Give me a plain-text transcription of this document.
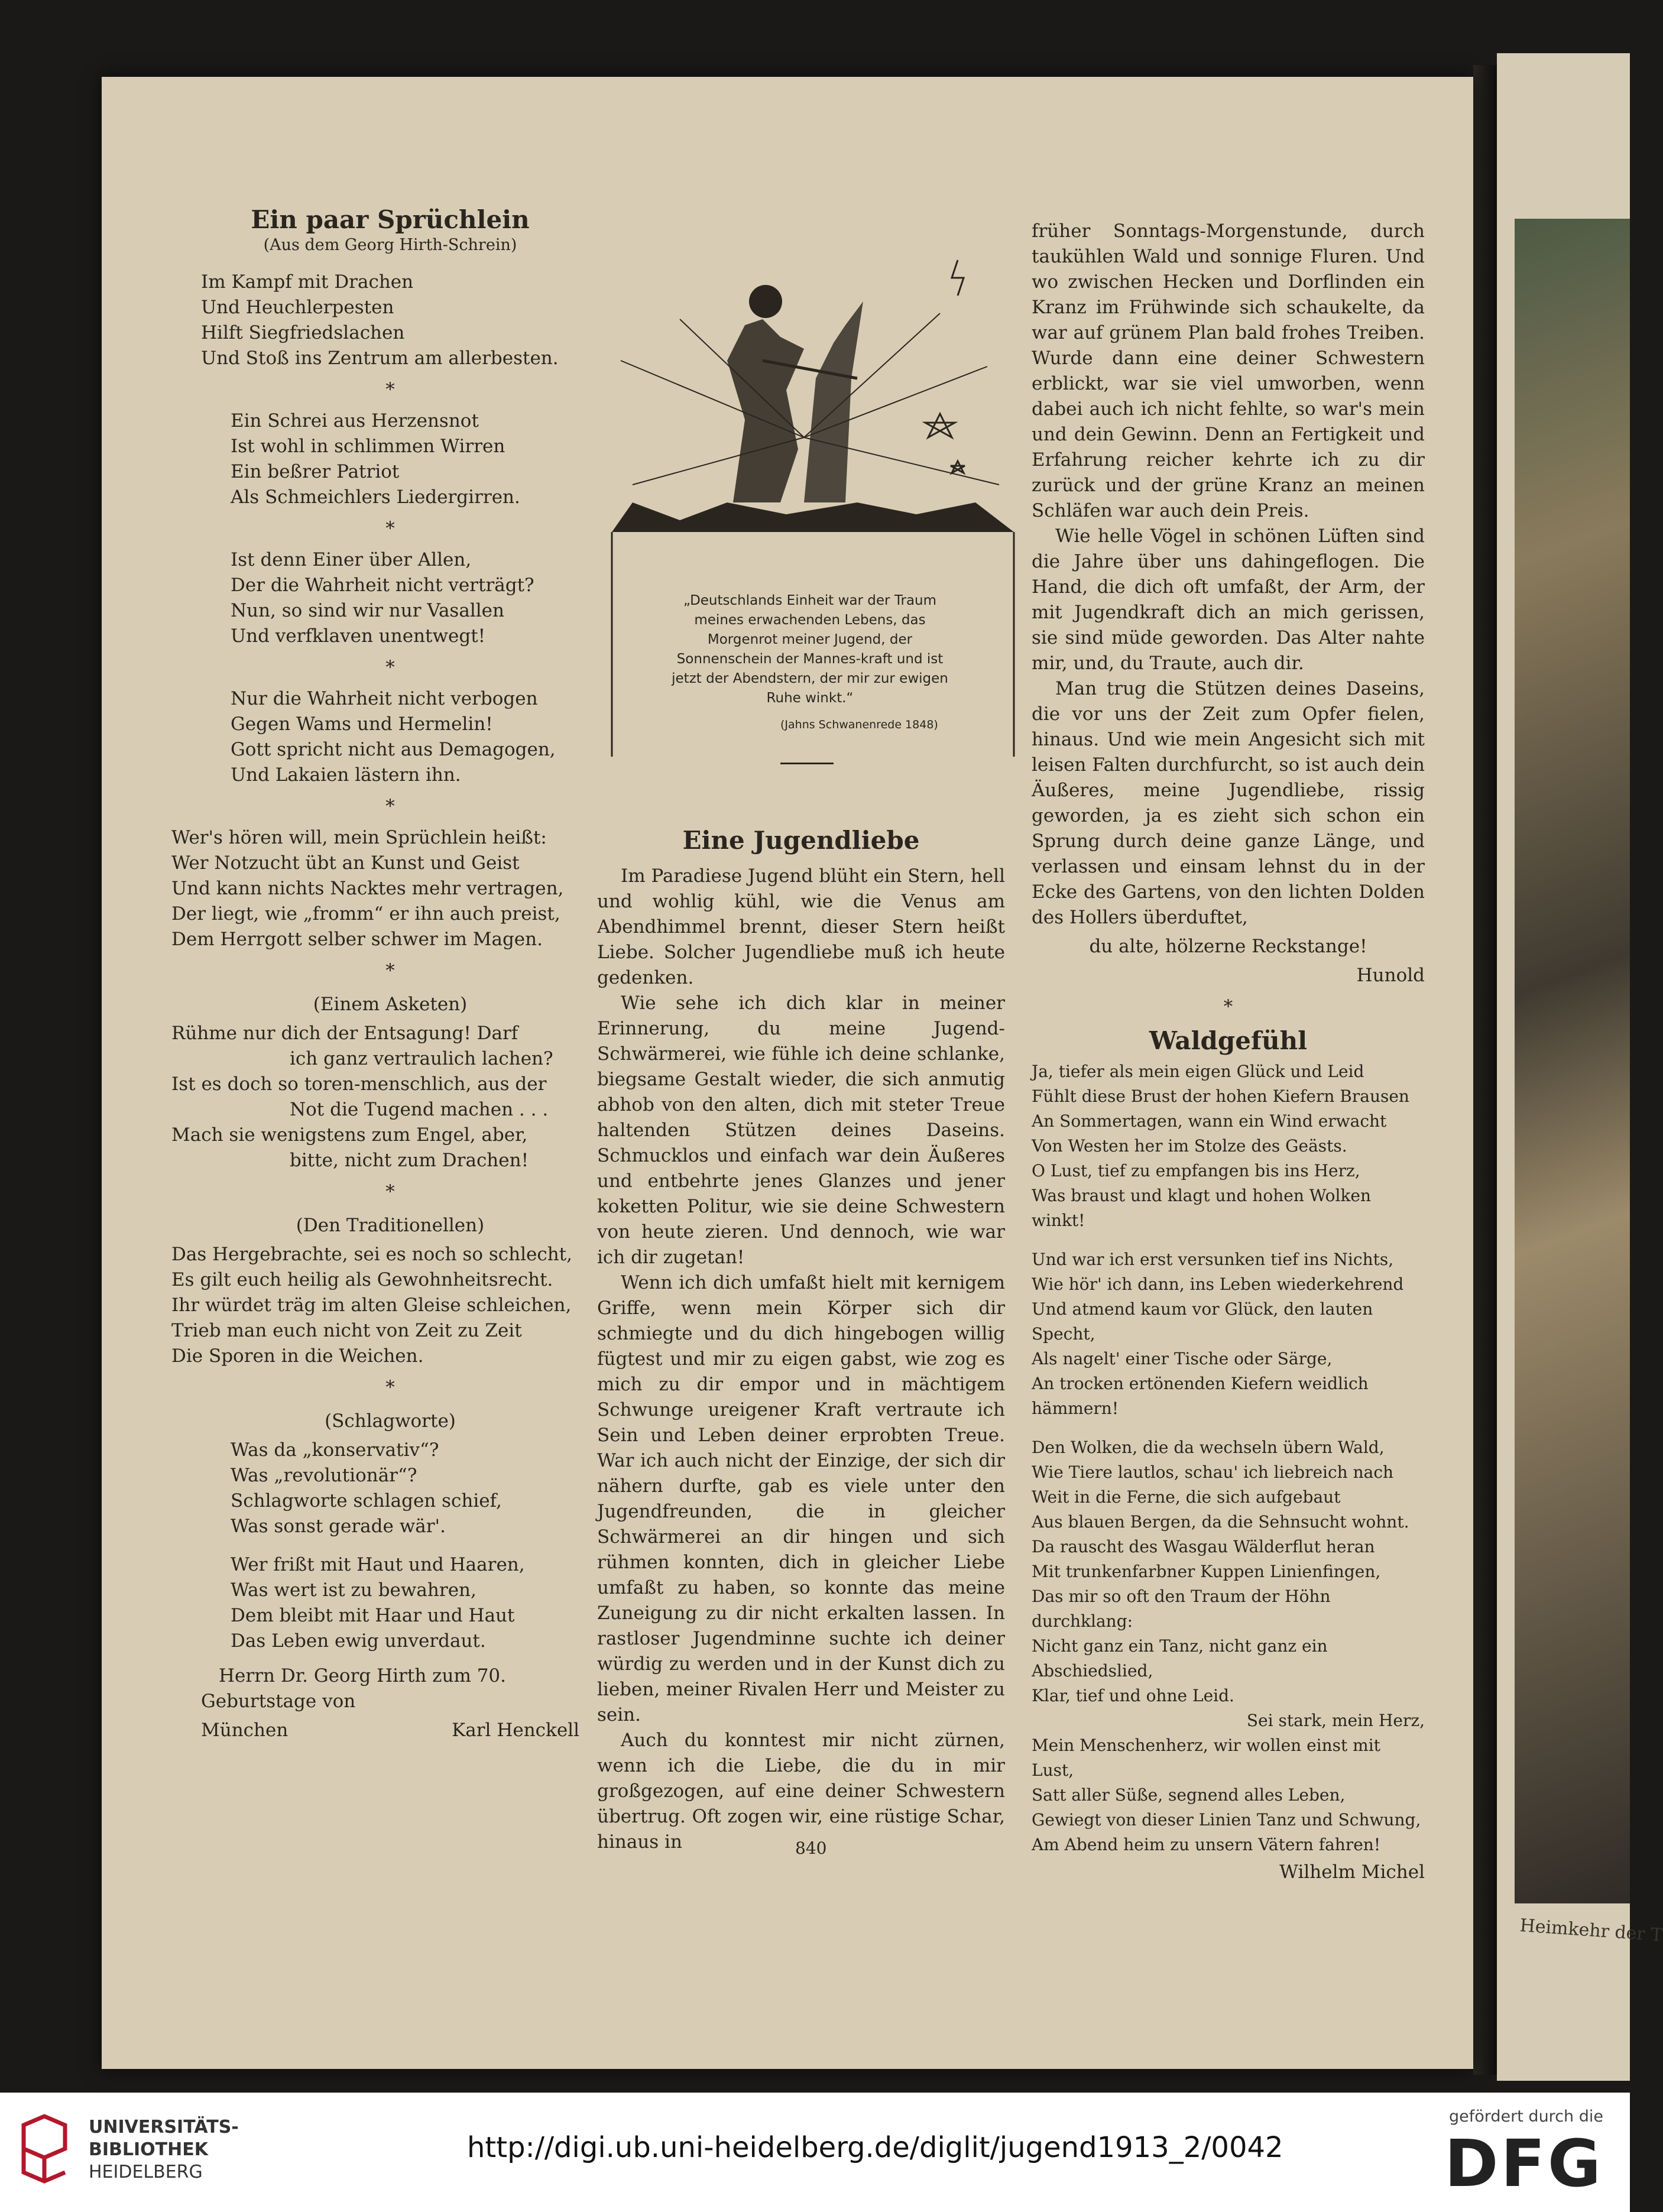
Heimkehr der T
Ein paar Sprüchlein
(Aus dem Georg Hirth-Schrein)

Im Kampf mit Drachen

Und Heuchlerpesten

Hilft Siegfriedslachen

Und Stoß ins Zentrum am allerbesten.

*

Ein Schrei aus Herzensnot

Ist wohl in schlimmen Wirren

Ein beßrer Patriot

Als Schmeichlers Liedergirren.

*

Ist denn Einer über Allen,

Der die Wahrheit nicht verträgt?

Nun, so sind wir nur Vasallen

Und verfklaven unentwegt!

*

Nur die Wahrheit nicht verbogen

Gegen Wams und Hermelin!

Gott spricht nicht aus Demagogen,

Und Lakaien lästern ihn.

*

Wer's hören will, mein Sprüchlein heißt:

Wer Notzucht übt an Kunst und Geist

Und kann nichts Nacktes mehr vertragen,

Der liegt, wie „fromm“ er ihn auch preist,

Dem Herrgott selber schwer im Magen.

*
(Einem Asketen)

Rühme nur dich der Entsagung! Darf

ich ganz vertraulich lachen?

Ist es doch so toren-menschlich, aus der

Not die Tugend machen . . .

Mach sie wenigstens zum Engel, aber,

bitte, nicht zum Drachen!

*
(Den Traditionellen)

Das Hergebrachte, sei es noch so schlecht,

Es gilt euch heilig als Gewohnheitsrecht.

Ihr würdet träg im alten Gleise schleichen,

Trieb man euch nicht von Zeit zu Zeit

Die Sporen in die Weichen.

*
(Schlagworte)

Was da „konservativ“?

Was „revolutionär“?

Schlagworte schlagen schief,

Was sonst gerade wär'.

Wer frißt mit Haut und Haaren,

Was wert ist zu bewahren,

Dem bleibt mit Haar und Haut

Das Leben ewig unverdaut.

Herrn Dr. Georg Hirth zum 70. Geburtstage von

München	Karl Henckell
„Deutschlands Einheit war der Traum meines erwachenden Lebens, das Morgenrot meiner Jugend, der Sonnenschein der Mannes-kraft und ist jetzt der Abendstern, der mir zur ewigen Ruhe winkt.“
(Jahns Schwanenrede 1848)
Eine Jugendliebe

Im Paradiese Jugend blüht ein Stern, hell und wohlig kühl, wie die Venus am Abendhimmel brennt, dieser Stern heißt Liebe. Solcher Jugendliebe muß ich heute gedenken.

Wie sehe ich dich klar in meiner Erinnerung, du meine Jugend-Schwärmerei, wie fühle ich deine schlanke, biegsame Gestalt wieder, die sich anmutig abhob von den alten, dich mit steter Treue haltenden Stützen deines Daseins. Schmucklos und einfach war dein Äußeres und entbehrte jenes Glanzes und jener koketten Politur, wie sie deine Schwestern von heute zieren. Und dennoch, wie war ich dir zugetan!

Wenn ich dich umfaßt hielt mit kernigem Griffe, wenn mein Körper sich dir schmiegte und du dich hingebogen willig fügtest und mir zu eigen gabst, wie zog es mich zu dir empor und in mächtigem Schwunge ureigener Kraft vertraute ich Sein und Leben deiner erprobten Treue. War ich auch nicht der Einzige, der sich dir nähern durfte, gab es viele unter den Jugendfreunden, die in gleicher Schwärmerei an dir hingen und sich rühmen konnten, dich in gleicher Liebe umfaßt zu haben, so konnte das meine Zuneigung zu dir nicht erkalten lassen. In rastloser Jugendminne suchte ich deiner würdig zu werden und in der Kunst dich zu lieben, meiner Rivalen Herr und Meister zu sein.

Auch du konntest mir nicht zürnen, wenn ich die Liebe, die du in mir großgezogen, auf eine deiner Schwestern übertrug. Oft zogen wir, eine rüstige Schar, hinaus in

früher Sonntags-Morgenstunde, durch taukühlen Wald und sonnige Fluren. Und wo zwischen Hecken und Dorflinden ein Kranz im Frühwinde sich schaukelte, da war auf grünem Plan bald frohes Treiben. Wurde dann eine deiner Schwestern erblickt, war sie viel umworben, wenn dabei auch ich nicht fehlte, so war's mein und dein Gewinn. Denn an Fertigkeit und Erfahrung reicher kehrte ich zu dir zurück und der grüne Kranz an meinen Schläfen war auch dein Preis.

Wie helle Vögel in schönen Lüften sind die Jahre über uns dahingeflogen. Die Hand, die dich oft umfaßt, der Arm, der mit Jugendkraft dich an mich gerissen, sie sind müde geworden. Das Alter nahte mir, und, du Traute, auch dir.

Man trug die Stützen deines Daseins, die vor uns der Zeit zum Opfer fielen, hinaus. Und wie mein Angesicht sich mit leisen Falten durchfurcht, so ist auch dein Äußeres, meine Jugendliebe, rissig geworden, ja es zieht sich schon ein Sprung durch deine ganze Länge, und verlassen und einsam lehnst du in der Ecke des Gartens, von den lichten Dolden des Hollers überduftet,

du alte, hölzerne Reckstange!

Hunold

*
Waldgefühl

Ja, tiefer als mein eigen Glück und Leid

Fühlt diese Brust der hohen Kiefern Brausen

An Sommertagen, wann ein Wind erwacht

Von Westen her im Stolze des Geästs.

O Lust, tief zu empfangen bis ins Herz,

Was braust und klagt und hohen Wolken winkt!

Und war ich erst versunken tief ins Nichts,

Wie hör' ich dann, ins Leben wiederkehrend

Und atmend kaum vor Glück, den lauten Specht,

Als nagelt' einer Tische oder Särge,

An trocken ertönenden Kiefern weidlich hämmern!

Den Wolken, die da wechseln übern Wald,

Wie Tiere lautlos, schau' ich liebreich nach

Weit in die Ferne, die sich aufgebaut

Aus blauen Bergen, da die Sehnsucht wohnt.

Da rauscht des Wasgau Wälderflut heran

Mit trunkenfarbner Kuppen Linienfingen,

Das mir so oft den Traum der Höhn durchklang:

Nicht ganz ein Tanz, nicht ganz ein Abschiedslied,

Klar, tief und ohne Leid.

Sei stark, mein Herz,

Mein Menschenherz, wir wollen einst mit Lust,

Satt aller Süße, segnend alles Leben,

Gewiegt von dieser Linien Tanz und Schwung,

Am Abend heim zu unsern Vätern fahren!

Wilhelm Michel

840
UNIVERSITÄTS-
BIBLIOTHEK
HEIDELBERG
http://digi.ub.uni-heidelberg.de/diglit/jugend1913_2/0042
gefördert durch die
DFG
